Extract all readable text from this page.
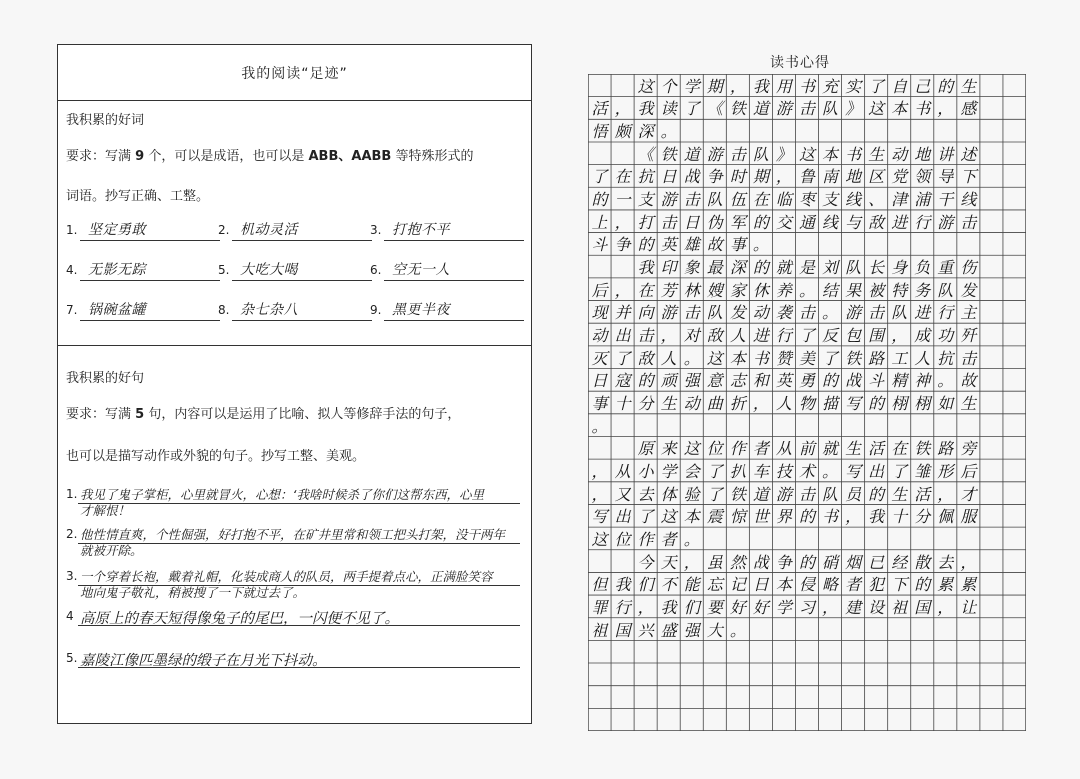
我的阅读“足迹”
我积累的好词
要求：写满 9 个，可以是成语，也可以是 ABB、AABB 等特殊形式的
词语。抄写正确、工整。
1. 坚定勇敢	2. 机动灵活	3. 打抱不平
4. 无影无踪	5. 大吃大喝	6. 空无一人
7. 锅碗盆罐	8. 杂七杂八	9. 黑更半夜
我积累的好句
要求：写满 5 句，内容可以是运用了比喻、拟人等修辞手法的句子，
也可以是描写动作或外貌的句子。抄写工整、美观。
1. 我见了鬼子掌柜，心里就冒火，心想：‘我啥时候杀了你们这帮东西，心里
才解恨！
2. 他性情直爽，个性倔强，好打抱不平，在矿井里常和领工把头打架，没干两年
就被开除。
3. 一个穿着长袍，戴着礼帽，化装成商人的队员，两手提着点心，正满脸笑容
地向鬼子敬礼，稍被搜了一下就过去了。
4 高原上的春天短得像兔子的尾巴，一闪便不见了。
5. 嘉陵江像匹墨绿的缎子在月光下抖动。
读书心得
这 个 学 期 ， 我 用 书 充 实 了 自 己 的 生
活 ， 我 读 了 《 铁 道 游 击 队 》 这 本 书 ， 感
悟 颇 深 。
《 铁 道 游 击 队 》 这 本 书 生 动 地 讲 述
了 在 抗 日 战 争 时 期 ， 鲁 南 地 区 党 领 导 下
的 一 支 游 击 队 伍 在 临 枣 支 线 、 津 浦 干 线
上 ， 打 击 日 伪 军 的 交 通 线 与 敌 进 行 游 击
斗 争 的 英 雄 故 事 。
我 印 象 最 深 的 就 是 刘 队 长 身 负 重 伤
后 ， 在 芳 林 嫂 家 休 养 。 结 果 被 特 务 队 发
现 并 向 游 击 队 发 动 袭 击 。 游 击 队 进 行 主
动 出 击 ， 对 敌 人 进 行 了 反 包 围 ， 成 功 歼
灭 了 敌 人 。 这 本 书 赞 美 了 铁 路 工 人 抗 击
日 寇 的 顽 强 意 志 和 英 勇 的 战 斗 精 神 。 故
事 十 分 生 动 曲 折 ， 人 物 描 写 的 栩 栩 如 生
。
原 来 这 位 作 者 从 前 就 生 活 在 铁 路 旁
， 从 小 学 会 了 扒 车 技 术 。 写 出 了 雏 形 后
， 又 去 体 验 了 铁 道 游 击 队 员 的 生 活 ， 才
写 出 了 这 本 震 惊 世 界 的 书 ， 我 十 分 佩 服
这 位 作 者 。
今 天 ， 虽 然 战 争 的 硝 烟 已 经 散 去 ，
但 我 们 不 能 忘 记 日 本 侵 略 者 犯 下 的 累 累
罪 行 ， 我 们 要 好 好 学 习 ， 建 设 祖 国 ， 让
祖 国 兴 盛 强 大 。
